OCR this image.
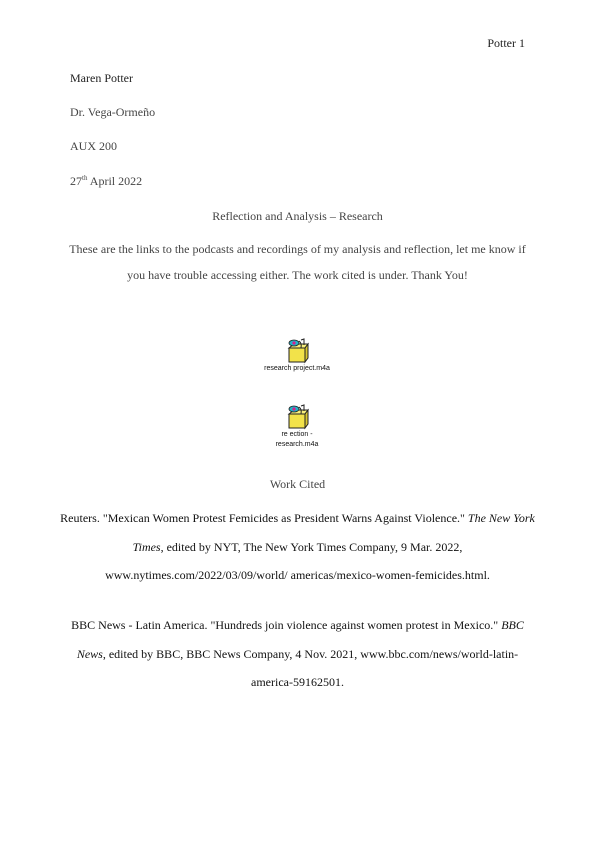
Potter 1
Maren Potter
Dr. Vega-Ormeño
AUX 200
27th April 2022
Reflection and Analysis – Research
These are the links to the podcasts and recordings of my analysis and reflection, let me know if you have trouble accessing either. The work cited is under. Thank You!
research project.m4a
re ection -
research.m4a
Work Cited
Reuters. "Mexican Women Protest Femicides as President Warns Against Violence." The New York Times, edited by NYT, The New York Times Company, 9 Mar. 2022, www.nytimes.com/2022/03/09/world/ americas/mexico-women-femicides.html.
BBC News - Latin America. "Hundreds join violence against women protest in Mexico." BBC News, edited by BBC, BBC News Company, 4 Nov. 2021, www.bbc.com/news/world-latin-america-59162501.
